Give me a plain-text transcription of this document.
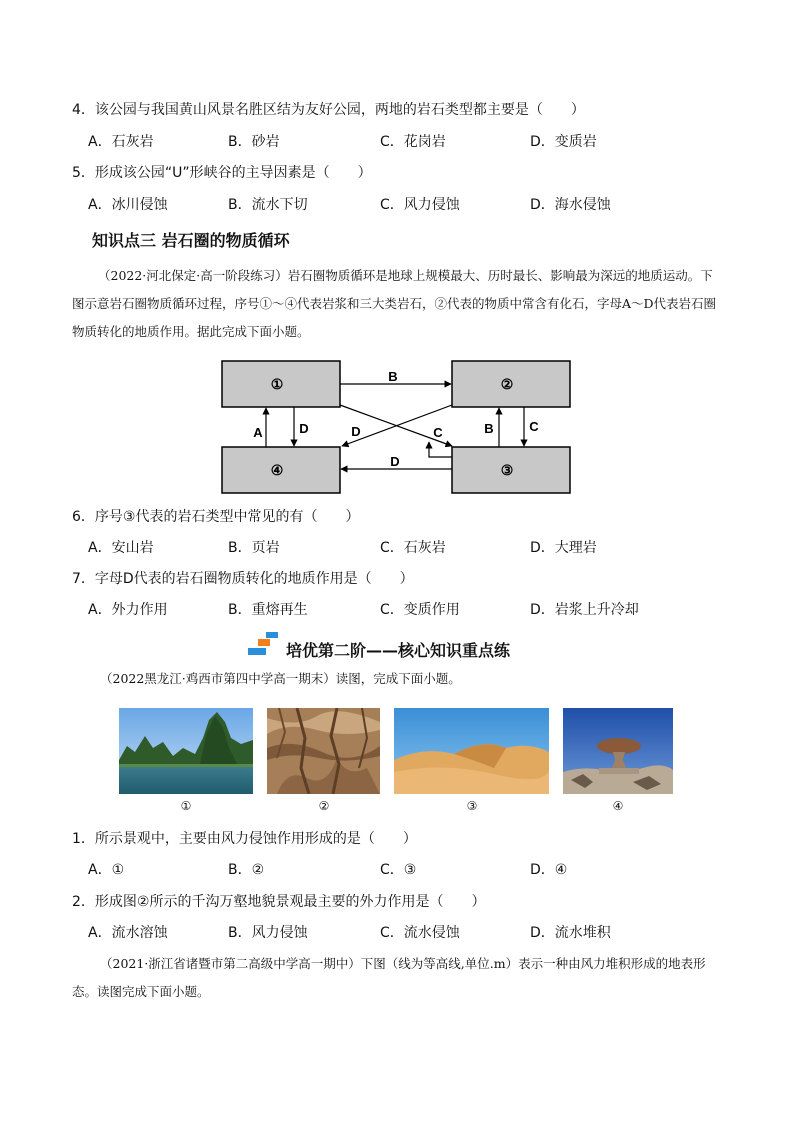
4．该公园与我国黄山风景名胜区结为友好公园，两地的岩石类型都主要是（　　）
A．石灰岩	B．砂岩	C．花岗岩	D．变质岩
5．形成该公园“U”形峡谷的主导因素是（　　）
A．冰川侵蚀	B．流水下切	C．风力侵蚀	D．海水侵蚀
知识点三 岩石圈的物质循环
（2022·河北保定·高一阶段练习）岩石圈物质循环是地球上规模最大、历时最长、影响最为深远的地质运动。下图示意岩石圈物质循环过程，序号①～④代表岩浆和三大类岩石，②代表的物质中常含有化石，字母A～D代表岩石圈物质转化的地质作用。据此完成下面小题。
①	②
③
④
B
A	D	D	C	B	C
D
6．序号③代表的岩石类型中常见的有（　　）
A．安山岩	B．页岩	C．石灰岩	D．大理岩
7．字母D代表的岩石圈物质转化的地质作用是（　　）
A．外力作用	B．重熔再生	C．变质作用	D．岩浆上升冷却
培优第二阶——核心知识重点练
（2022黑龙江·鸡西市第四中学高一期末）读图，完成下面小题。
①	②	③	④
1．所示景观中，主要由风力侵蚀作用形成的是（　　）
A．①	B．②	C．③	D．④
2．形成图②所示的千沟万壑地貌景观最主要的外力作用是（　　）
A．流水溶蚀	B．风力侵蚀	C．流水侵蚀	D．流水堆积
（2021·浙江省诸暨市第二高级中学高一期中）下图（线为等高线,单位.m）表示一种由风力堆积形成的地表形态。读图完成下面小题。
